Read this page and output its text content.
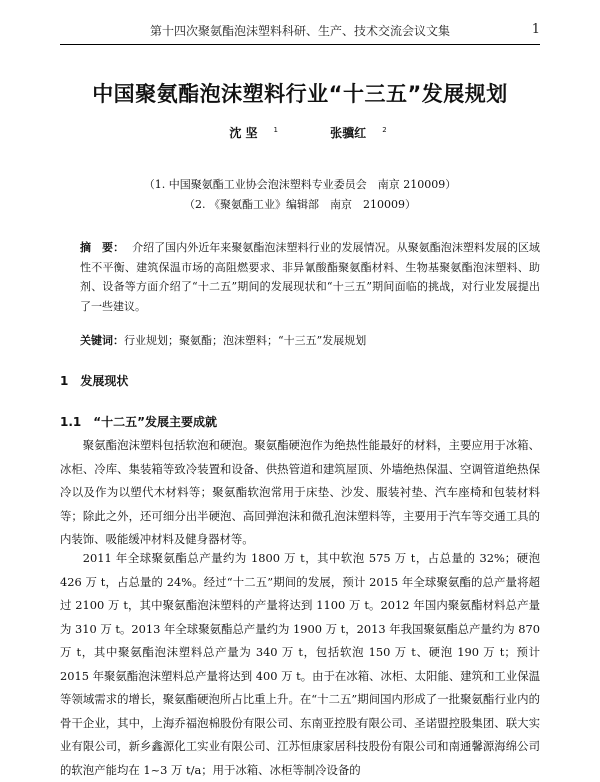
第十四次聚氨酯泡沫塑料科研、生产、技术交流会议文集	1
中国聚氨酯泡沫塑料行业“十三五”发展规划
沈 坚 $^1$	张骥红 $^2$
（1. 中国聚氨酯工业协会泡沫塑料专业委员会　南京 210009）
（2. 《聚氨酯工业》编辑部　南京　210009）
摘　要： 介绍了国内外近年来聚氨酯泡沫塑料行业的发展情况。从聚氨酯泡沫塑料发展的区域性不平衡、建筑保温市场的高阻燃要求、非异氰酸酯聚氨酯材料、生物基聚氨酯泡沫塑料、助剂、设备等方面介绍了“十二五”期间的发展现状和“十三五”期间面临的挑战，对行业发展提出了一些建议。
关键词：行业规划；聚氨酯；泡沫塑料；“十三五”发展规划
1　发展现状
1.1　“十二五”发展主要成就
聚氨酯泡沫塑料包括软泡和硬泡。聚氨酯硬泡作为绝热性能最好的材料，主要应用于冰箱、冰柜、冷库、集装箱等致冷装置和设备、供热管道和建筑屋顶、外墙绝热保温、空调管道绝热保冷以及作为以塑代木材料等；聚氨酯软泡常用于床垫、沙发、服装衬垫、汽车座椅和包装材料等；除此之外，还可细分出半硬泡、高回弹泡沫和微孔泡沫塑料等，主要用于汽车等交通工具的内装饰、吸能缓冲材料及健身器材等。
2011 年全球聚氨酯总产量约为 1800 万 t，其中软泡 575 万 t，占总量的 32%；硬泡 426 万 t，占总量的 24%。经过“十二五”期间的发展，预计 2015 年全球聚氨酯的总产量将超过 2100 万 t，其中聚氨酯泡沫塑料的产量将达到 1100 万 t。2012 年国内聚氨酯材料总产量为 310 万 t。2013 年全球聚氨酯总产量约为 1900 万 t，2013 年我国聚氨酯总产量约为 870 万 t，其中聚氨酯泡沫塑料总产量为 340 万 t，包括软泡 150 万 t、硬泡 190 万 t；预计 2015 年聚氨酯泡沫塑料总产量将达到 400 万 t。由于在冰箱、冰柜、太阳能、建筑和工业保温等领域需求的增长，聚氨酯硬泡所占比重上升。在“十二五”期间国内形成了一批聚氨酯行业内的骨干企业，其中，上海乔福泡棉股份有限公司、东南亚控股有限公司、圣诺盟控股集团、联大实业有限公司，新乡鑫源化工实业有限公司、江苏恒康家居科技股份有限公司和南通馨源海绵公司的软泡产能均在 1~3 万 t/a；用于冰箱、冰柜等制冷设备的
